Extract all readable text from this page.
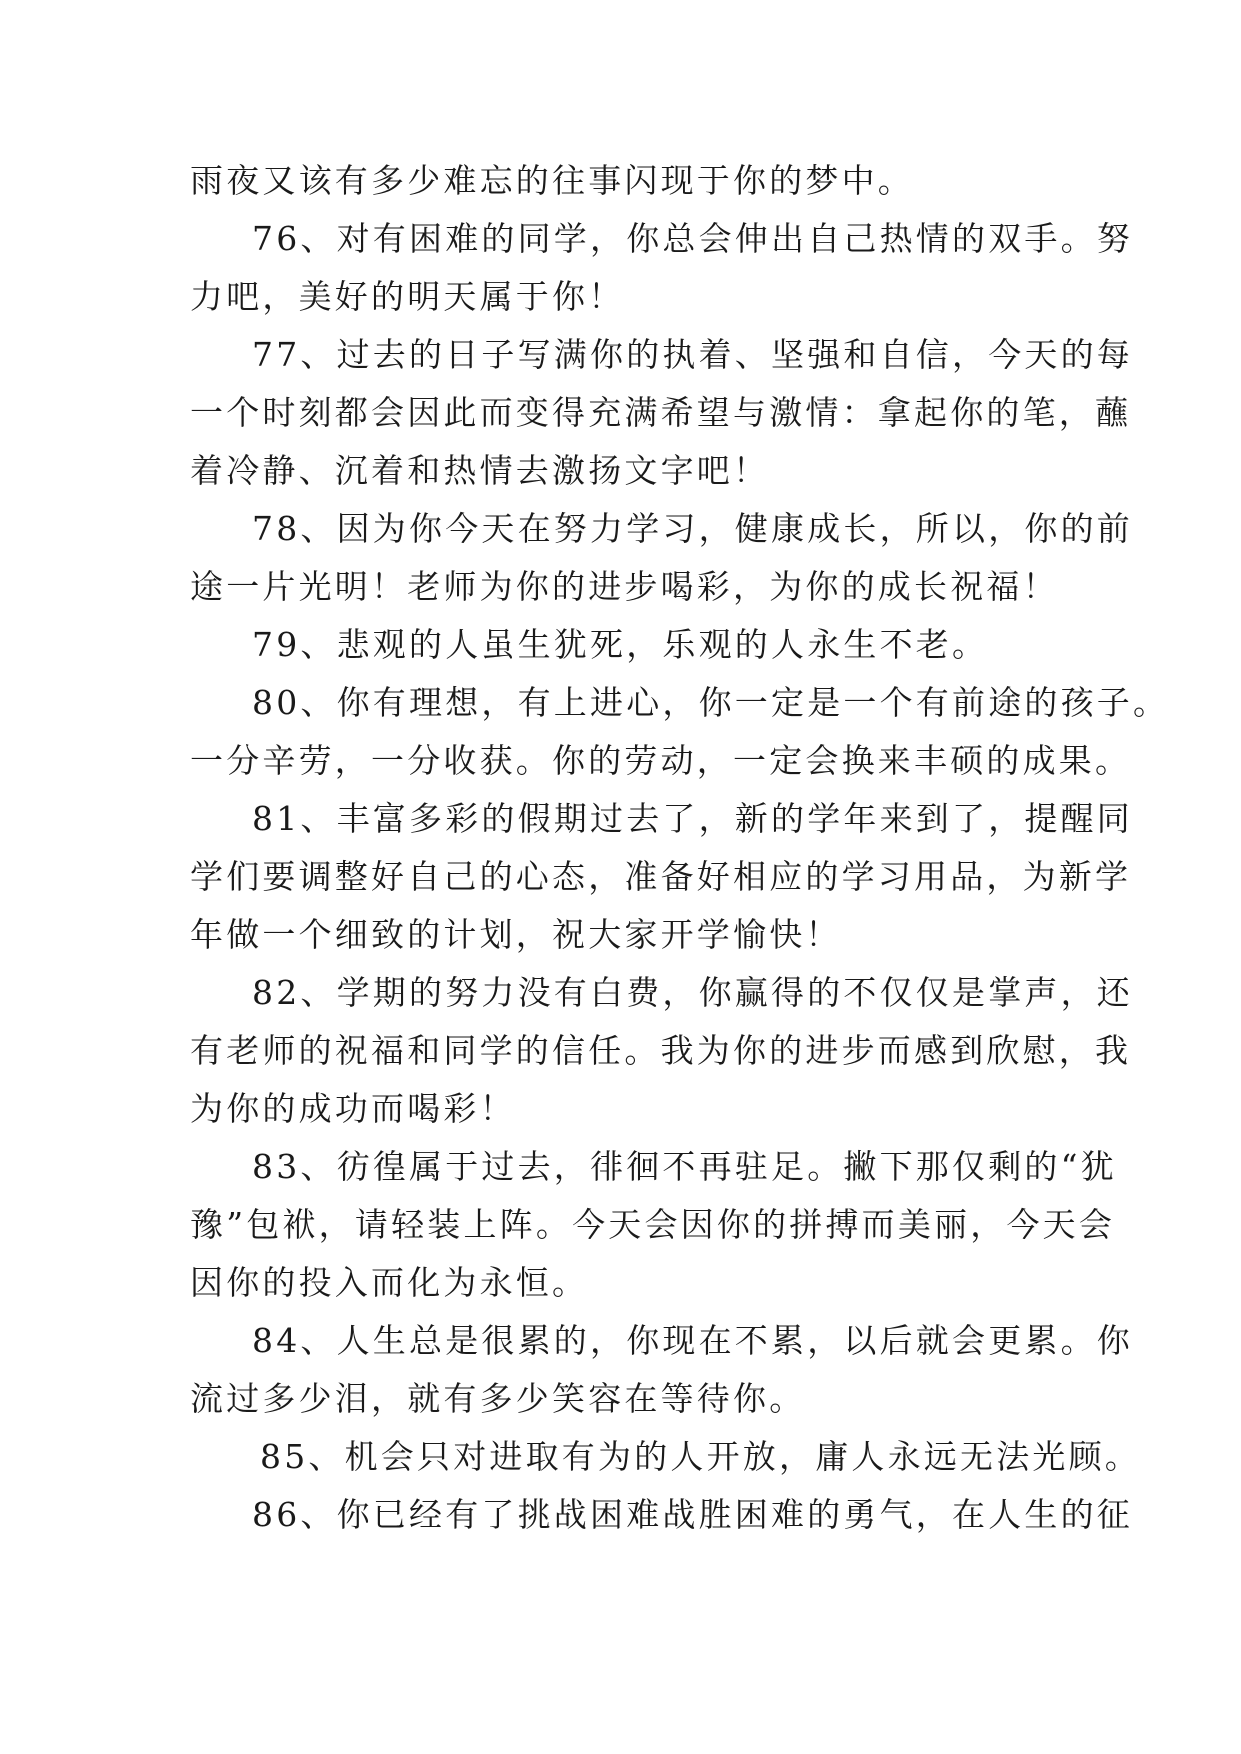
雨夜又该有多少难忘的往事闪现于你的梦中。
76、对有困难的同学，你总会伸出自己热情的双手。努
力吧，美好的明天属于你！
77、过去的日子写满你的执着、坚强和自信，今天的每
一个时刻都会因此而变得充满希望与激情：拿起你的笔，蘸
着冷静、沉着和热情去激扬文字吧！
78、因为你今天在努力学习，健康成长，所以，你的前
途一片光明！老师为你的进步喝彩，为你的成长祝福！
79、悲观的人虽生犹死，乐观的人永生不老。
80、你有理想，有上进心，你一定是一个有前途的孩子。
一分辛劳，一分收获。你的劳动，一定会换来丰硕的成果。
81、丰富多彩的假期过去了，新的学年来到了，提醒同
学们要调整好自己的心态，准备好相应的学习用品，为新学
年做一个细致的计划，祝大家开学愉快！
82、学期的努力没有白费，你赢得的不仅仅是掌声，还
有老师的祝福和同学的信任。我为你的进步而感到欣慰，我
为你的成功而喝彩！
83、彷徨属于过去，徘徊不再驻足。撇下那仅剩的“犹
豫”包袱，请轻装上阵。今天会因你的拼搏而美丽，今天会
因你的投入而化为永恒。
84、人生总是很累的，你现在不累，以后就会更累。你
流过多少泪，就有多少笑容在等待你。
85、机会只对进取有为的人开放，庸人永远无法光顾。
86、你已经有了挑战困难战胜困难的勇气，在人生的征
